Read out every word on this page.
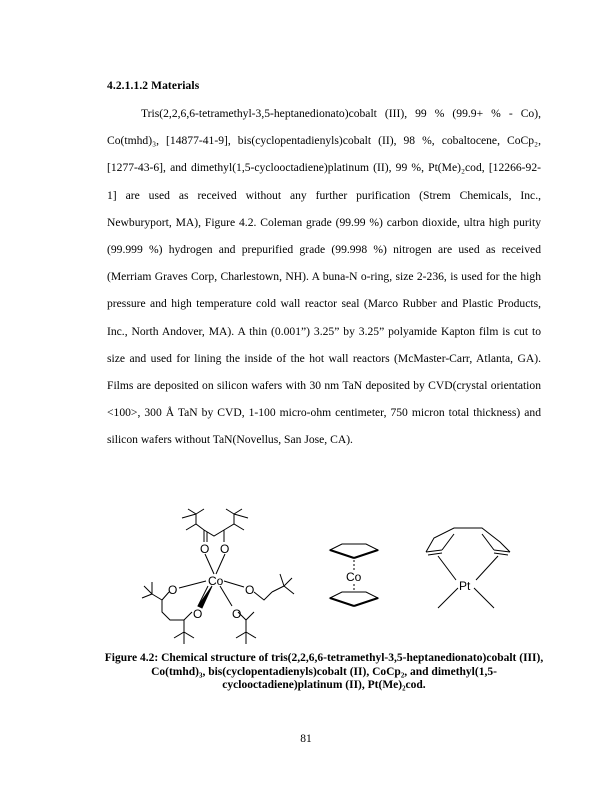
4.2.1.1.2 Materials

Tris(2,2,6,6-tetramethyl-3,5-heptanedionato)cobalt (III), 99 % (99.9+ % - Co), Co(tmhd)₃, [14877-41-9], bis(cyclopentadienyls)cobalt (II), 98 %, cobaltocene, CoCp₂, [1277-43-6], and dimethyl(1,5-cyclooctadiene)platinum (II), 99 %, Pt(Me)₂cod, [12266-92-1] are used as received without any further purification (Strem Chemicals, Inc., Newburyport, MA), Figure 4.2. Coleman grade (99.99 %) carbon dioxide, ultra high purity (99.999 %) hydrogen and prepurified grade (99.998 %) nitrogen are used as received (Merriam Graves Corp, Charlestown, NH). A buna-N o-ring, size 2-236, is used for the high pressure and high temperature cold wall reactor seal (Marco Rubber and Plastic Products, Inc., North Andover, MA). A thin (0.001”) 3.25” by 3.25” polyamide Kapton film is cut to size and used for lining the inside of the hot wall reactors (McMaster-Carr, Atlanta, GA). Films are deposited on silicon wafers with 30 nm TaN deposited by CVD(crystal orientation <100>, 300 Å TaN by CVD, 1-100 micro-ohm centimeter, 750 micron total thickness) and silicon wafers without TaN(Novellus, San Jose, CA).

O O
Co
O	O
O O
Co
Pt
Figure 4.2: Chemical structure of tris(2,2,6,6-tetramethyl-3,5-heptanedionato)cobalt (III), Co(tmhd)₃, bis(cyclopentadienyls)cobalt (II), CoCp₂, and dimethyl(1,5-cyclooctadiene)platinum (II), Pt(Me)₂cod.
81
